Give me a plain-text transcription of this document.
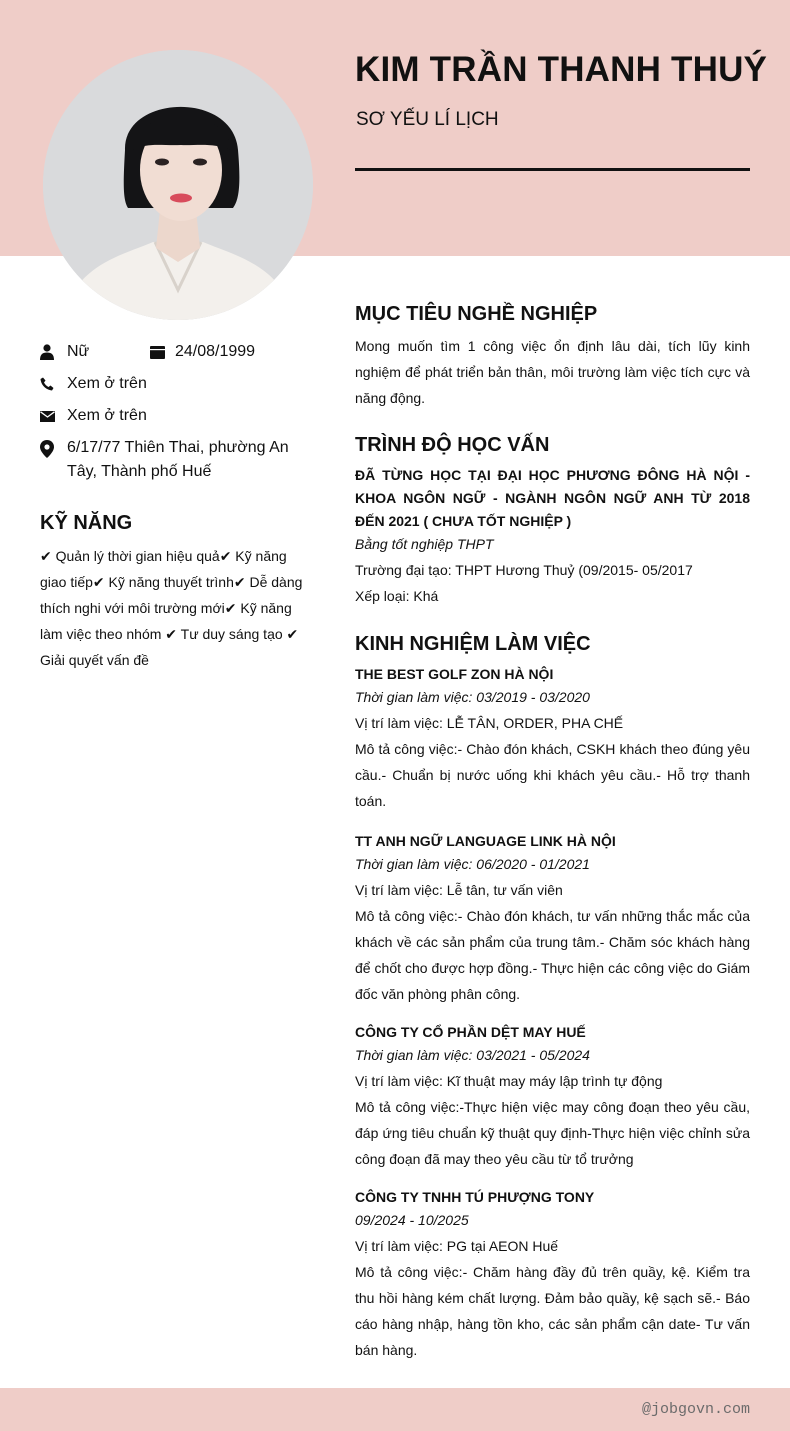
KIM TRẦN THANH THUÝ
SƠ YẾU LÍ LỊCH
Nữ	24/08/1999
Xem ở trên
Xem ở trên
6/17/77 Thiên Thai, phường An Tây, Thành phố Huế
KỸ NĂNG
✔ Quản lý thời gian hiệu quả✔ Kỹ năng giao tiếp✔ Kỹ năng thuyết trình✔ Dễ dàng thích nghi với môi trường mới✔ Kỹ năng làm việc theo nhóm ✔ Tư duy sáng tạo ✔ Giải quyết vấn đề
MỤC TIÊU NGHỀ NGHIỆP
Mong muốn tìm 1 công việc ổn định lâu dài, tích lũy kinh nghiệm để phát triển bản thân, môi trường làm việc tích cực và năng động.
TRÌNH ĐỘ HỌC VẤN
ĐÃ TỪNG HỌC TẠI ĐẠI HỌC PHƯƠNG ĐÔNG HÀ NỘI - KHOA NGÔN NGỮ - NGÀNH NGÔN NGỮ ANH TỪ 2018 ĐẾN 2021 ( CHƯA TỐT NGHIỆP )
Bằng tốt nghiệp THPT
Trường đại tạo: THPT Hương Thuỷ (09/2015- 05/2017
Xếp loại: Khá
KINH NGHIỆM LÀM VIỆC
THE BEST GOLF ZON HÀ NỘI
Thời gian làm việc: 03/2019 - 03/2020
Vị trí làm việc: LỄ TÂN, ORDER, PHA CHẾ
Mô tả công việc:- Chào đón khách, CSKH khách theo đúng yêu cầu.- Chuẩn bị nước uống khi khách yêu cầu.- Hỗ trợ thanh toán.
TT ANH NGỮ LANGUAGE LINK HÀ NỘI
Thời gian làm việc: 06/2020 - 01/2021
Vị trí làm việc: Lễ tân, tư vấn viên
Mô tả công việc:- Chào đón khách, tư vấn những thắc mắc của khách về các sản phẩm của trung tâm.- Chăm sóc khách hàng để chốt cho được hợp đồng.- Thực hiện các công việc do Giám đốc văn phòng phân công.
CÔNG TY CỔ PHẦN DỆT MAY HUẾ
Thời gian làm việc: 03/2021 - 05/2024
Vị trí làm việc: Kĩ thuật may máy lập trình tự động
Mô tả công việc:-Thực hiện việc may công đoạn theo yêu cầu, đáp ứng tiêu chuẩn kỹ thuật quy định-Thực hiện việc chỉnh sửa công đoạn đã may theo yêu cầu từ tổ trưởng
CÔNG TY TNHH TÚ PHƯỢNG TONY
09/2024 - 10/2025
Vị trí làm việc: PG tại AEON Huế
Mô tả công việc:- Chăm hàng đầy đủ trên quầy, kệ. Kiểm tra thu hồi hàng kém chất lượng. Đảm bảo quầy, kệ sạch sẽ.- Báo cáo hàng nhập, hàng tồn kho, các sản phẩm cận date- Tư vấn bán hàng.
@jobgovn.com
